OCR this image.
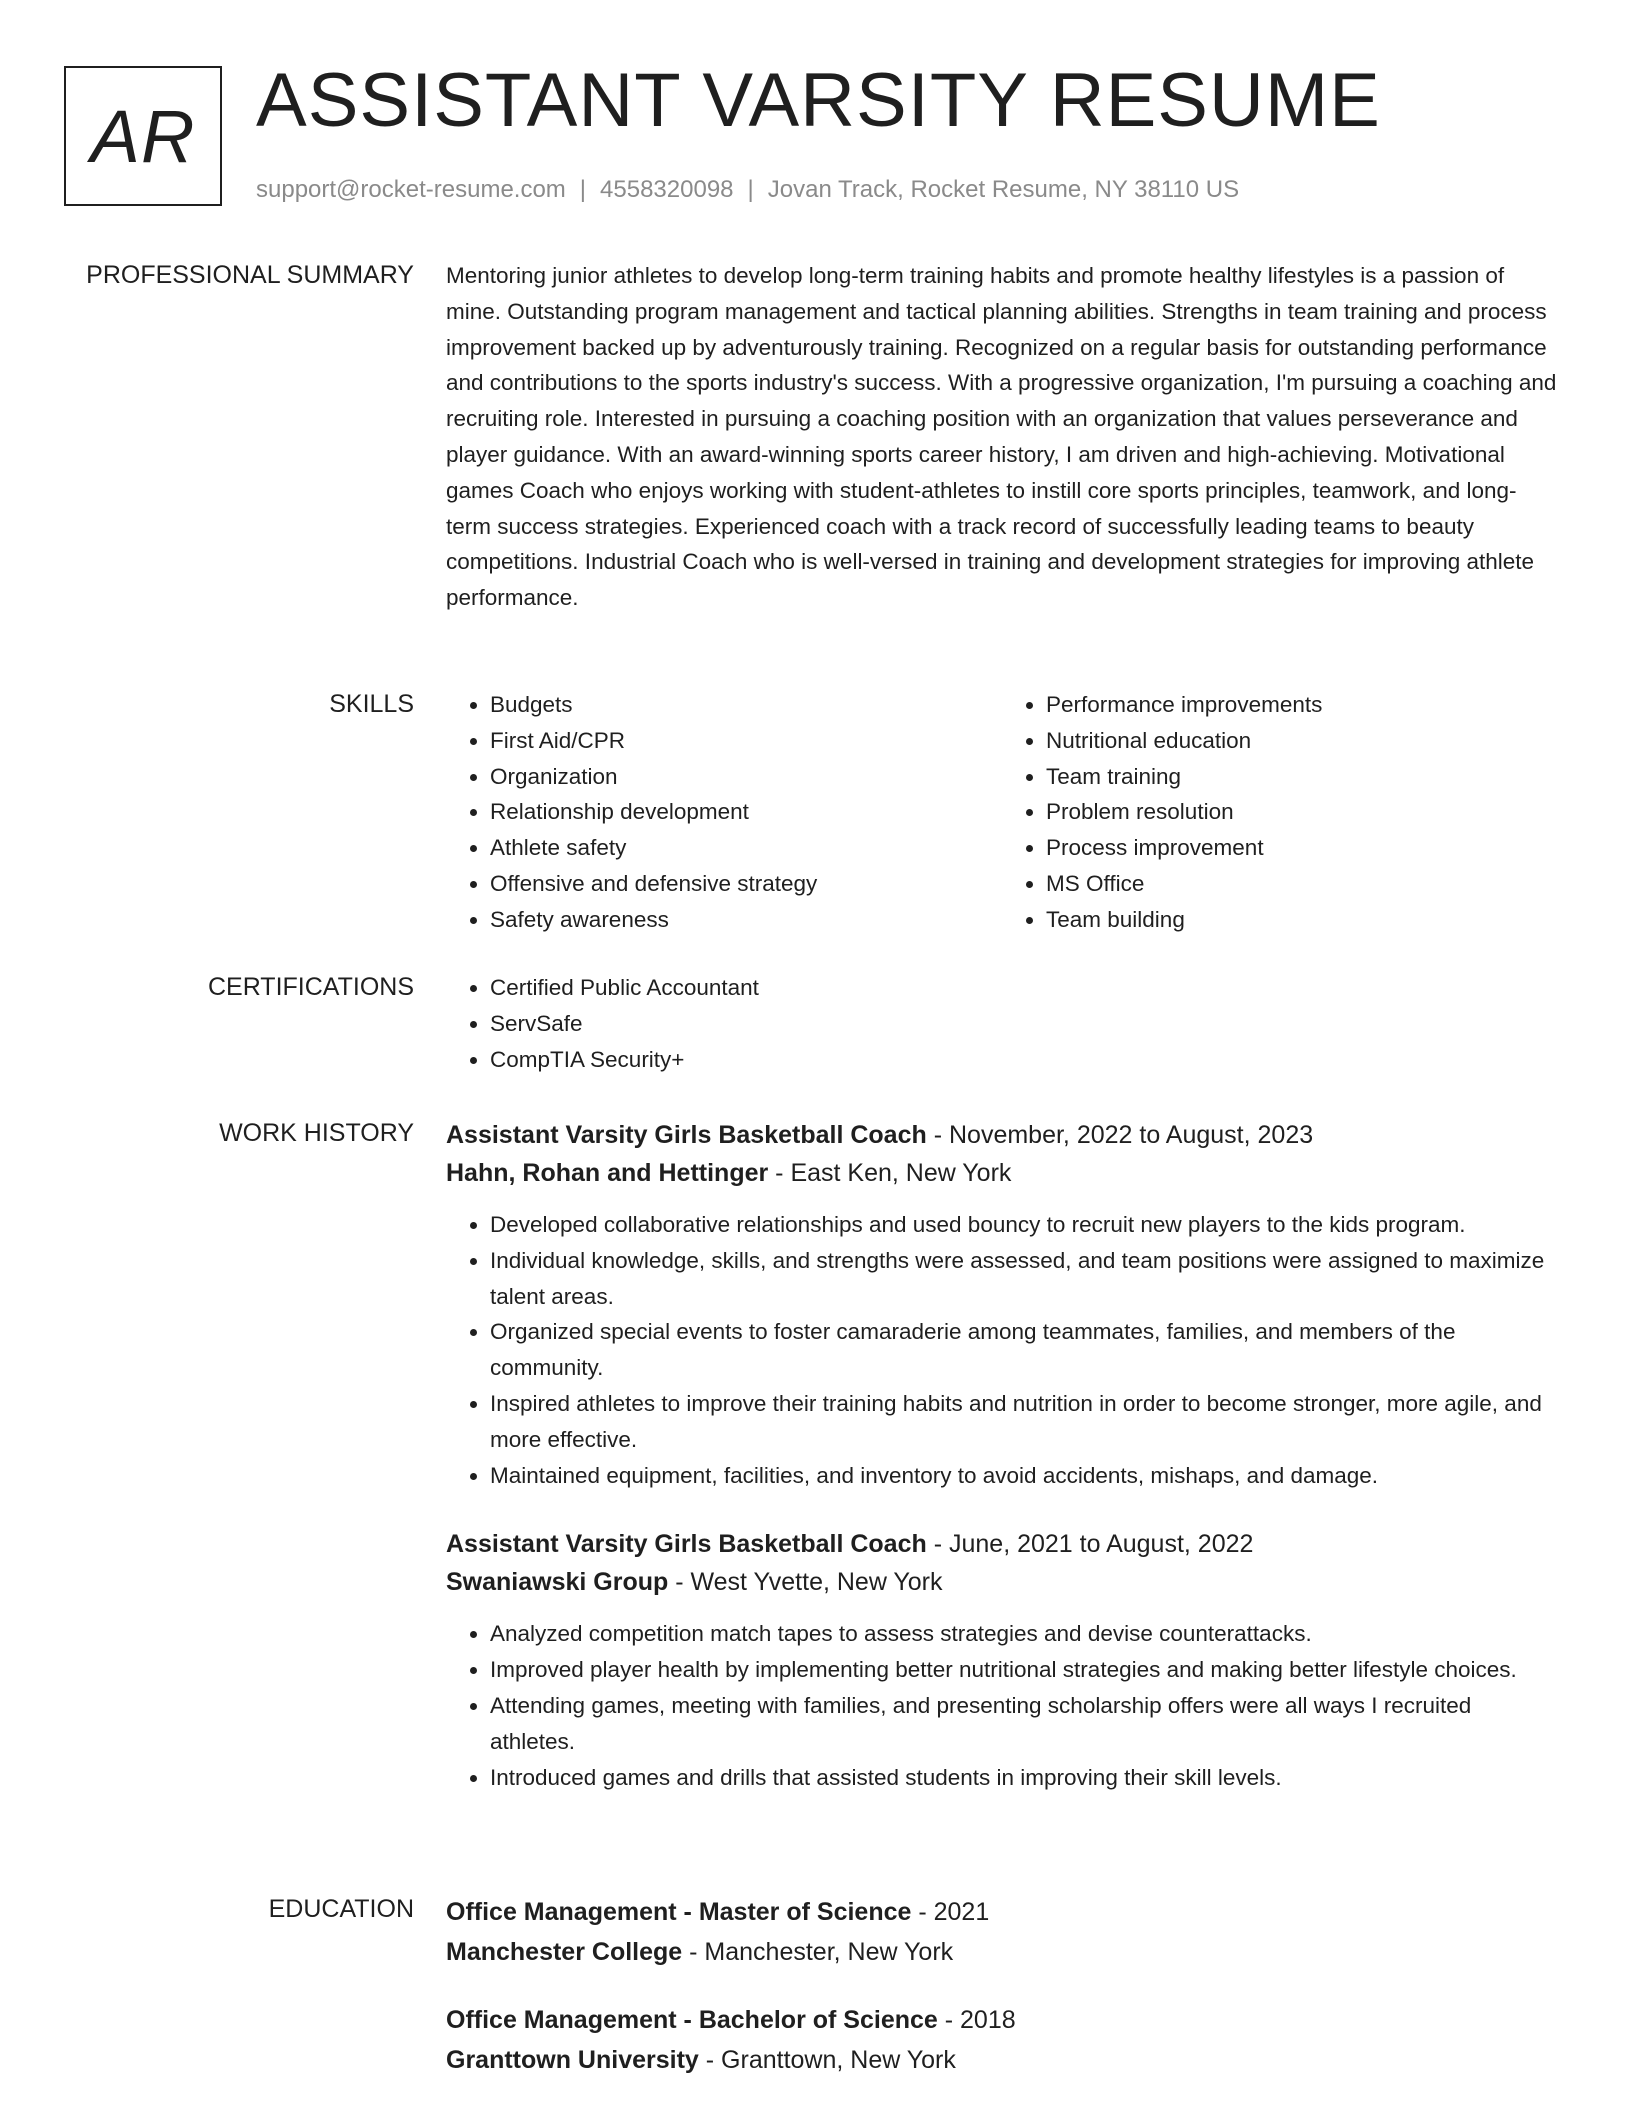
AR ASSISTANT VARSITY RESUME
support@rocket-resume.com | 4558320098 | Jovan Track, Rocket Resume, NY 38110 US
PROFESSIONAL SUMMARY Mentoring junior athletes to develop long-term training habits and promote healthy lifestyles is a passion of mine. Outstanding program management and tactical planning abilities. Strengths in team training and process improvement backed up by adventurously training. Recognized on a regular basis for outstanding performance and contributions to the sports industry's success. With a progressive organization, I'm pursuing a coaching and recruiting role. Interested in pursuing a coaching position with an organization that values perseverance and player guidance. With an award-winning sports career history, I am driven and high-achieving. Motivational games Coach who enjoys working with student-athletes to instill core sports principles, teamwork, and long-term success strategies. Experienced coach with a track record of successfully leading teams to beauty competitions. Industrial Coach who is well-versed in training and development strategies for improving athlete performance.

SKILLS	• Budgets
• First Aid/CPR
• Organization
• Relationship development
• Athlete safety
• Offensive and defensive strategy
• Safety awareness
• Performance improvements
• Nutritional education
• Team training
• Problem resolution
• Process improvement
• MS Office
• Team building
CERTIFICATIONS	• Certified Public Accountant
• ServSafe
• CompTIA Security+
WORK HISTORY Assistant Varsity Girls Basketball Coach - November, 2022 to August, 2023
Hahn, Rohan and Hettinger - East Ken, New York
• Developed collaborative relationships and used bouncy to recruit new players to the kids program.
• Individual knowledge, skills, and strengths were assessed, and team positions were assigned to maximize talent areas.
• Organized special events to foster camaraderie among teammates, families, and members of the community.
• Inspired athletes to improve their training habits and nutrition in order to become stronger, more agile, and more effective.
• Maintained equipment, facilities, and inventory to avoid accidents, mishaps, and damage.
Assistant Varsity Girls Basketball Coach - June, 2021 to August, 2022
Swaniawski Group - West Yvette, New York
• Analyzed competition match tapes to assess strategies and devise counterattacks.
• Improved player health by implementing better nutritional strategies and making better lifestyle choices.
• Attending games, meeting with families, and presenting scholarship offers were all ways I recruited athletes.
• Introduced games and drills that assisted students in improving their skill levels.
EDUCATION Office Management - Master of Science - 2021
Manchester College - Manchester, New York
Office Management - Bachelor of Science - 2018
Granttown University - Granttown, New York
